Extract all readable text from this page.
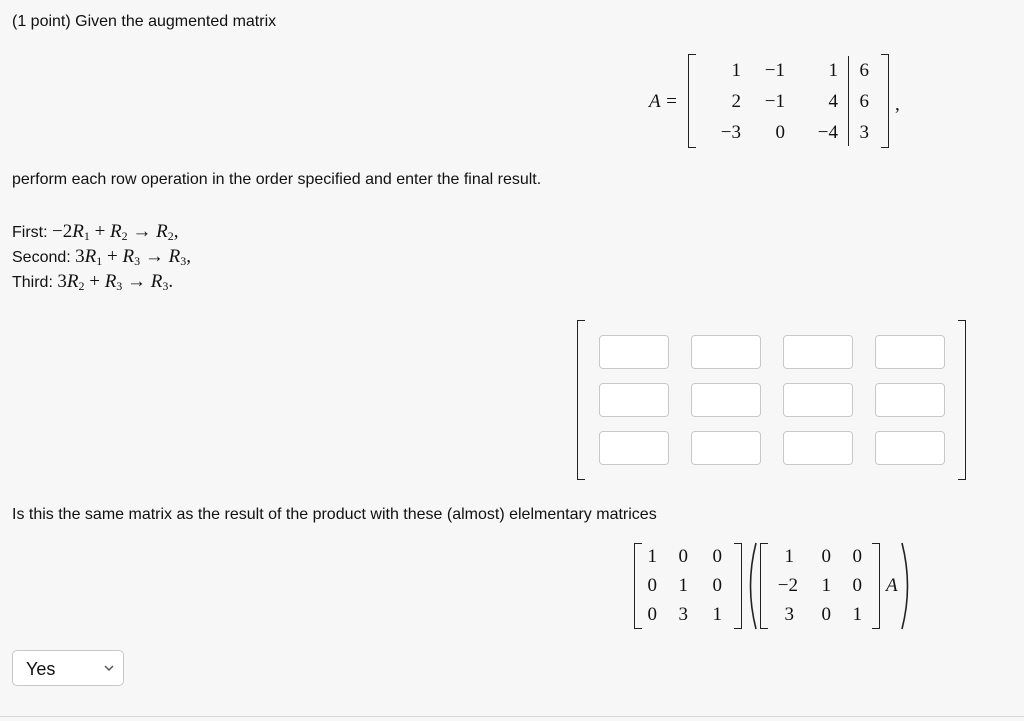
(1 point) Given the augmented matrix
A =
1	−1	1	6
2	−1	4	6
−3	0	−4	3
,
perform each row operation in the order specified and enter the final result.
First: $-2R_1 + R_2 \to R_2$,
Second: $3R_1 + R_3 \to R_3$,
Third: $3R_2 + R_3 \to R_3$.
Is this the same matrix as the result of the product with these (almost) elelmentary matrices
1	0	0
0	1	0
0	3	1
1	0	0
−2	1	0
3	0	1
A
Yes
